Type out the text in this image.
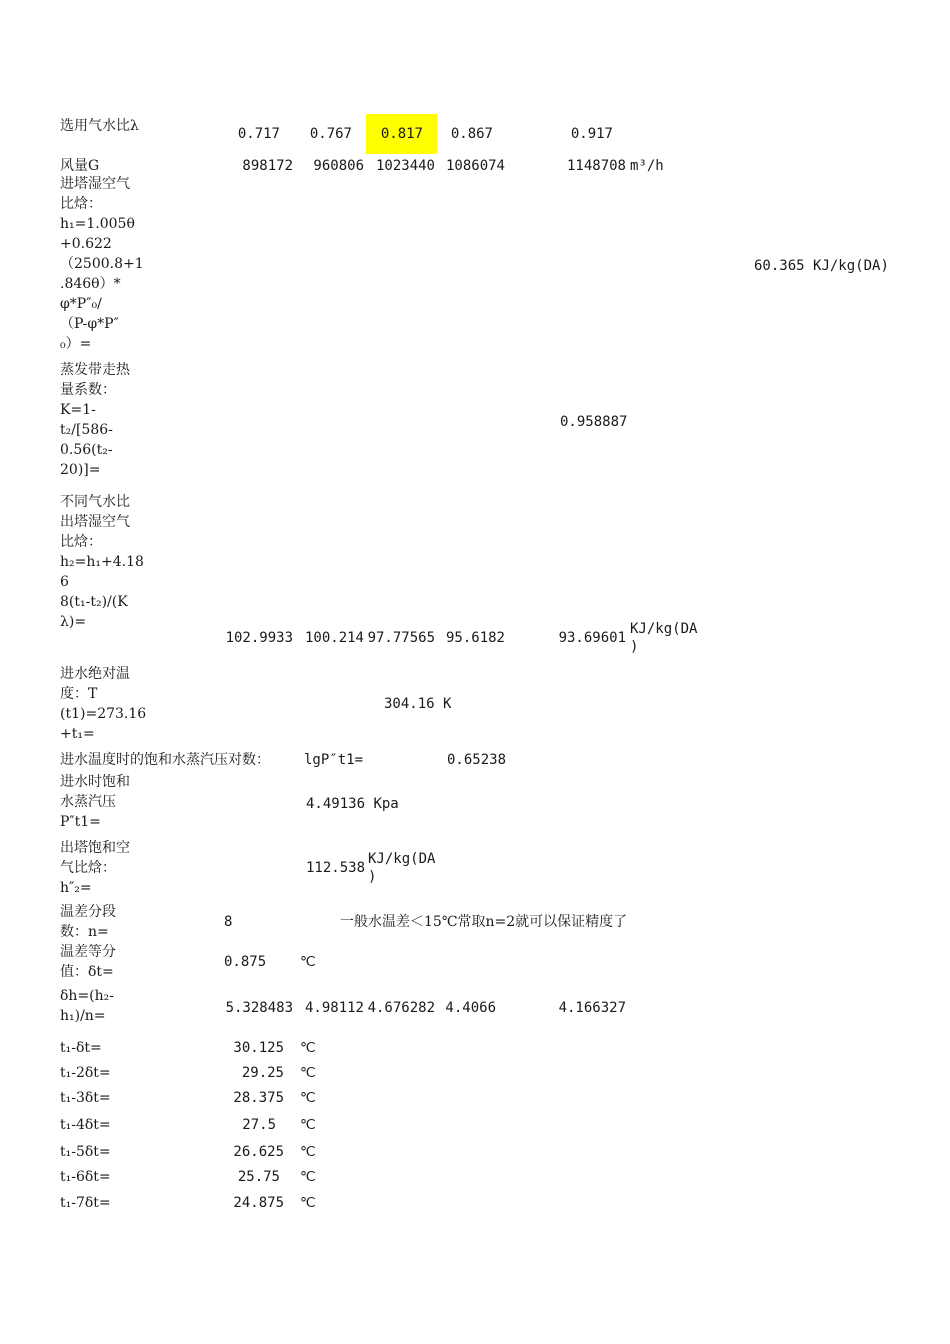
选用气水比λ	0.717	0.767	0.817	0.867	0.917
风量G	898172	960806 1023440 1086074	1148708 m³/h
进塔湿空气
比焓：
h₁=1.005θ
+0.622
（2500.8+1
.846θ）*
φ*P″₀/
（P-φ*P″
₀）=
60.365 KJ/kg(DA)
蒸发带走热
量系数：
K=1-
t₂/[586-
0.56(t₂-
20)]=
0.958887
不同气水比
出塔湿空气
比焓：
h₂=h₁+4.186
8(t₁-t₂)/(K
λ)=
102.9933 100.214 97.77565 95.6182	93.69601
KJ/kg(DA
)
进水绝对温
度：T
(t1)=273.16
+t₁=
304.16 K
进水温度时的饱和水蒸汽压对数： lgP″t1=	0.65238
进水时饱和
水蒸汽压
P″t1=
4.49136 Kpa
出塔饱和空
气比焓：
h″₂=
112.538
KJ/kg(DA
)
温差分段
数：n=
8	一般水温差＜15℃常取n=2就可以保证精度了
温差等分
值：δt=
0.875 ℃
δh=(h₂-
h₁)/n=	5.328483 4.98112 4.676282 4.4066	4.166327
t₁-δt=	30.125 ℃
t₁-2δt=	29.25 ℃
t₁-3δt=	28.375 ℃
t₁-4δt=	27.5 ℃
t₁-5δt=	26.625 ℃
t₁-6δt=	25.75 ℃
t₁-7δt=	24.875 ℃
